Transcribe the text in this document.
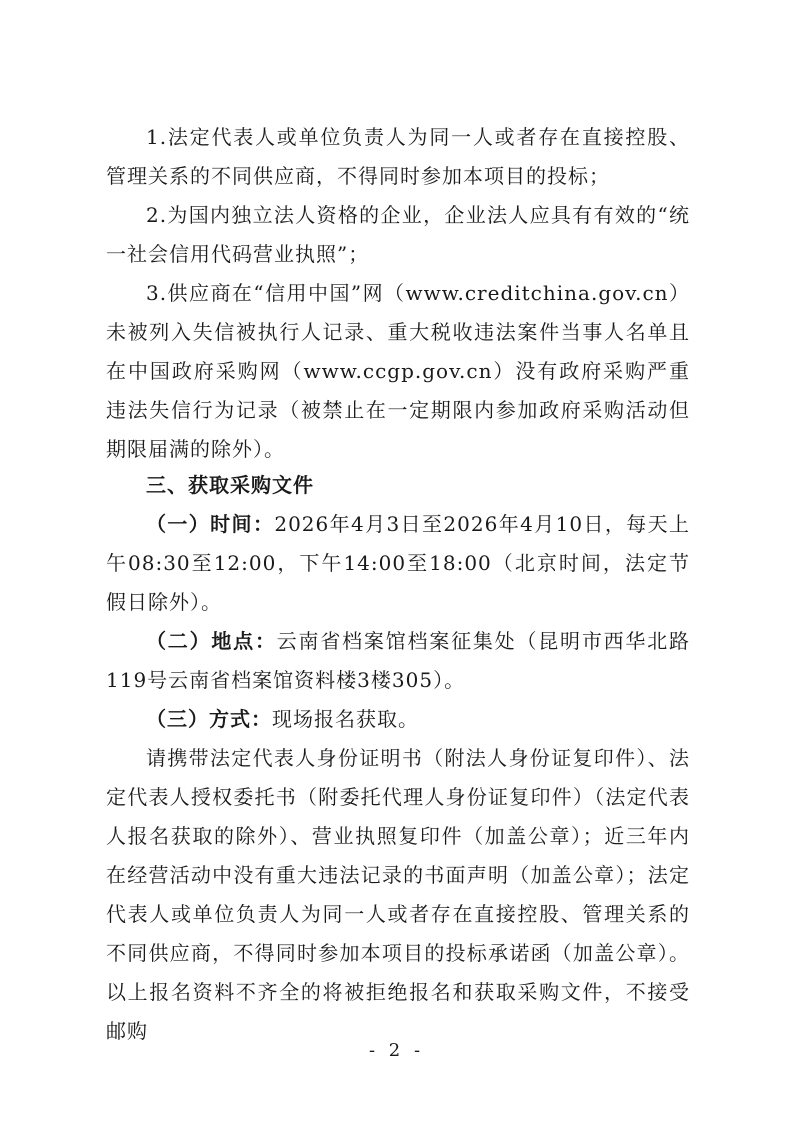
1.法定代表人或单位负责人为同一人或者存在直接控股、管理关系的不同供应商，不得同时参加本项目的投标；

2.为国内独立法人资格的企业，企业法人应具有有效的“统一社会信用代码营业执照”；

3.供应商在“信用中国”网（www.creditchina.gov.cn）未被列入失信被执行人记录、重大税收违法案件当事人名单且在中国政府采购网（www.ccgp.gov.cn）没有政府采购严重违法失信行为记录（被禁止在一定期限内参加政府采购活动但期限届满的除外）。

三、获取采购文件

（一）时间：2026年4月3日至2026年4月10日，每天上午08:30至12:00，下午14:00至18:00（北京时间，法定节假日除外）。

（二）地点：云南省档案馆档案征集处（昆明市西华北路119号云南省档案馆资料楼3楼305）。

（三）方式：现场报名获取。

请携带法定代表人身份证明书（附法人身份证复印件）、法定代表人授权委托书（附委托代理人身份证复印件）（法定代表人报名获取的除外）、营业执照复印件（加盖公章）；近三年内在经营活动中没有重大违法记录的书面声明（加盖公章）；法定代表人或单位负责人为同一人或者存在直接控股、管理关系的不同供应商，不得同时参加本项目的投标承诺函（加盖公章）。以上报名资料不齐全的将被拒绝报名和获取采购文件，不接受邮购

- 2 -
